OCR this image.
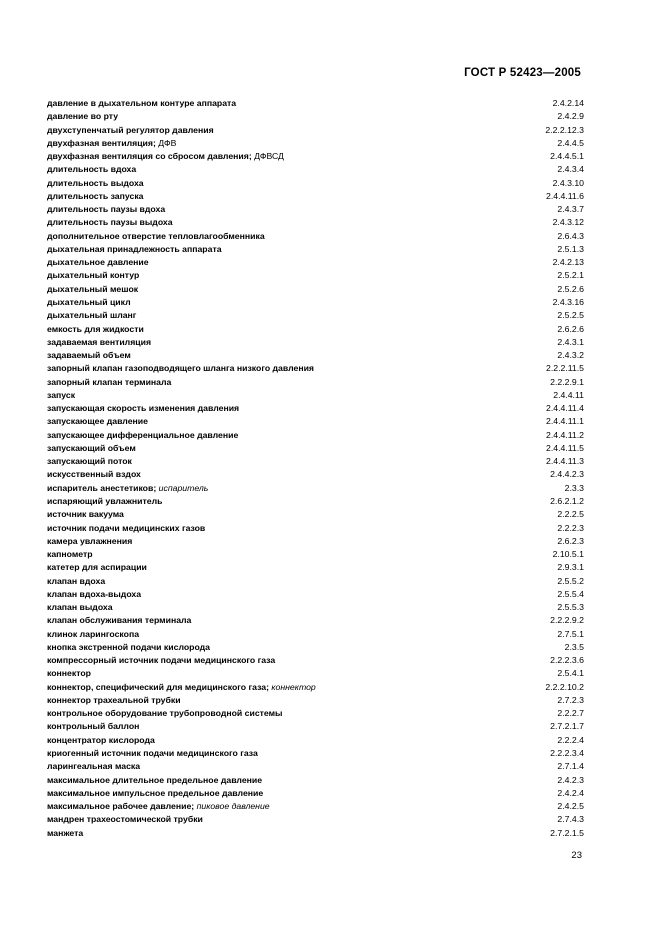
ГОСТ Р 52423—2005
давление в дыхательном контуре аппарата	2.4.2.14
давление во рту	2.4.2.9
двухступенчатый регулятор давления	2.2.2.12.3
двухфазная вентиляция; ДФВ	2.4.4.5
двухфазная вентиляция со сбросом давления; ДФВСД	2.4.4.5.1
длительность вдоха	2.4.3.4
длительность выдоха	2.4.3.10
длительность запуска	2.4.4.11.6
длительность паузы вдоха	2.4.3.7
длительность паузы выдоха	2.4.3.12
дополнительное отверстие тепловлагообменника	2.6.4.3
дыхательная принадлежность аппарата	2.5.1.3
дыхательное давление	2.4.2.13
дыхательный контур	2.5.2.1
дыхательный мешок	2.5.2.6
дыхательный цикл	2.4.3.16
дыхательный шланг	2.5.2.5
емкость для жидкости	2.6.2.6
задаваемая вентиляция	2.4.3.1
задаваемый объем	2.4.3.2
запорный клапан газоподводящего шланга низкого давления	2.2.2.11.5
запорный клапан терминала	2.2.2.9.1
запуск	2.4.4.11
запускающая скорость изменения давления	2.4.4.11.4
запускающее давление	2.4.4.11.1
запускающее дифференциальное давление	2.4.4.11.2
запускающий объем	2.4.4.11.5
запускающий поток	2.4.4.11.3
искусственный вздох	2.4.4.2.3
испаритель анестетиков; испаритель	2.3.3
испаряющий увлажнитель	2.6.2.1.2
источник вакуума	2.2.2.5
источник подачи медицинских газов	2.2.2.3
камера увлажнения	2.6.2.3
капнометр	2.10.5.1
катетер для аспирации	2.9.3.1
клапан вдоха	2.5.5.2
клапан вдоха-выдоха	2.5.5.4
клапан выдоха	2.5.5.3
клапан обслуживания терминала	2.2.2.9.2
клинок ларингоскопа	2.7.5.1
кнопка экстренной подачи кислорода	2.3.5
компрессорный источник подачи медицинского газа	2.2.2.3.6
коннектор	2.5.4.1
коннектор, специфический для медицинского газа; коннектор	2.2.2.10.2
коннектор трахеальной трубки	2.7.2.3
контрольное оборудование трубопроводной системы	2.2.2.7
контрольный баллон	2.7.2.1.7
концентратор кислорода	2.2.2.4
криогенный источник подачи медицинского газа	2.2.2.3.4
ларингеальная маска	2.7.1.4
максимальное длительное предельное давление	2.4.2.3
максимальное импульсное предельное давление	2.4.2.4
максимальное рабочее давление; пиковое давление	2.4.2.5
мандрен трахеостомической трубки	2.7.4.3
манжета	2.7.2.1.5
23
